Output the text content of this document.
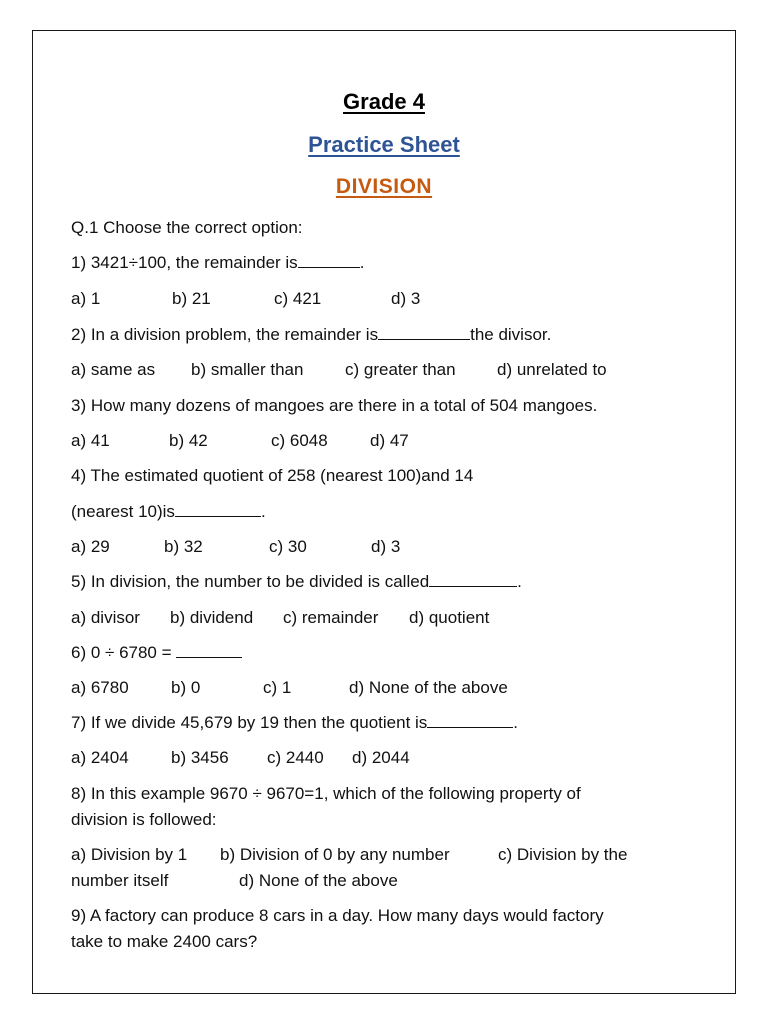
Grade 4
Practice Sheet
DIVISION
Q.1 Choose the correct option:
1) 3421÷100, the remainder is	.
a) 1	b) 21	c) 421	d) 3
2) In a division problem, the remainder is	the divisor.
a) same as b) smaller than c) greater than d) unrelated to
3) How many dozens of mangoes are there in a total of 504 mangoes.
a) 41	b) 42	c) 6048 d) 47
4) The estimated quotient of 258 (nearest 100)and 14
(nearest 10)is	.
a) 29	b) 32	c) 30	d) 3
5) In division, the number to be divided is called	.
a) divisor b) dividend c) remainder d) quotient
6) 0 ÷ 6780 =
a) 6780 b) 0	c) 1	d) None of the above
7) If we divide 45,679 by 19 then the quotient is	.
a) 2404 b) 3456 c) 2440 d) 2044
8) In this example 9670 ÷ 9670=1, which of the following property of
division is followed:
a) Division by 1 b) Division of 0 by any number	c) Division by the
number itself	d) None of the above
9) A factory can produce 8 cars in a day. How many days would factory
take to make 2400 cars?
